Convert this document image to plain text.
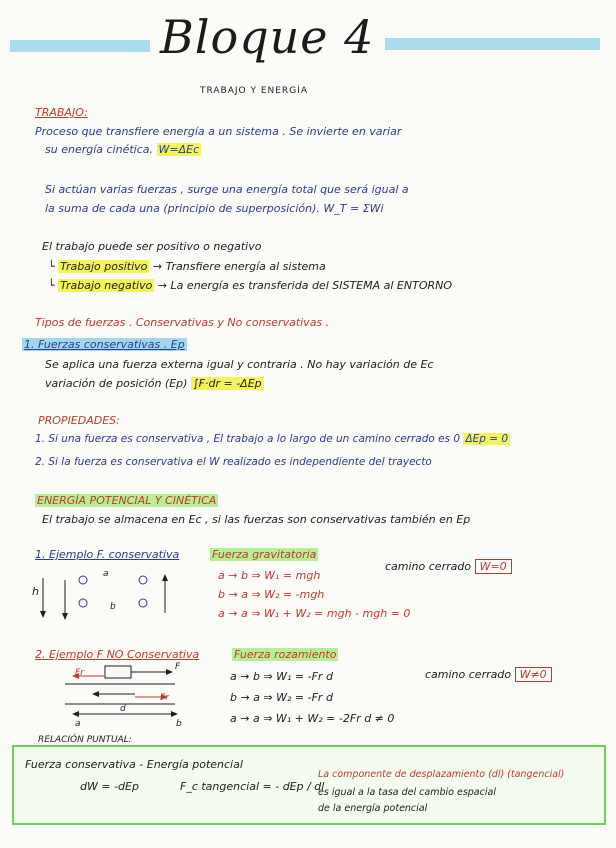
Bloque 4
TRABAJO Y ENERGÍA
TRABAJO:
Proceso que transfiere energía a un sistema . Se invierte en variar
su energía cinética. W=ΔEc
Si actúan varias fuerzas , surge una energía total que será igual a
la suma de cada una (principio de superposición). W_T = ΣWi
El trabajo puede ser positivo o negativo
└ Trabajo positivo → Transfiere energía al sistema
└ Trabajo negativo → La energía es transferida del SISTEMA al ENTORNO
Tipos de fuerzas . Conservativas y No conservativas .
1. Fuerzas conservativas . Ep
Se aplica una fuerza externa igual y contraria . No hay variación de Ec
variación de posición (Ep) ∫F·dr = -ΔEp
PROPIEDADES:
1. Si una fuerza es conservativa , El trabajo a lo largo de un camino cerrado es 0 ΔEp = 0
2. Si la fuerza es conservativa el W realizado es independiente del trayecto
ENERGÍA POTENCIAL Y CINÉTICA
El trabajo se almacena en Ec , si las fuerzas son conservativas también en Ep
1. Ejemplo F. conservativa	Fuerza gravitatoria
a → b ⇒ W₁ = mgh
b → a ⇒ W₂ = -mgh
a → a ⇒ W₁ + W₂ = mgh - mgh = 0
camino cerrado W=0
h
a
b
2. Ejemplo F NO Conservativa	Fuerza rozamiento
a → b ⇒ W₁ = -Fr d
b → a ⇒ W₂ = -Fr d
a → a ⇒ W₁ + W₂ = -2Fr d ≠ 0
camino cerrado W≠0
Fr
Fr
F
d
a	b
RELACIÓN PUNTUAL:
Fuerza conservativa - Energía potencial
dW = -dEp	F_c tangencial = - dEp / dl
La componente de desplazamiento (dl) (tangencial)
es igual a la tasa del cambio espacial
de la energía potencial
